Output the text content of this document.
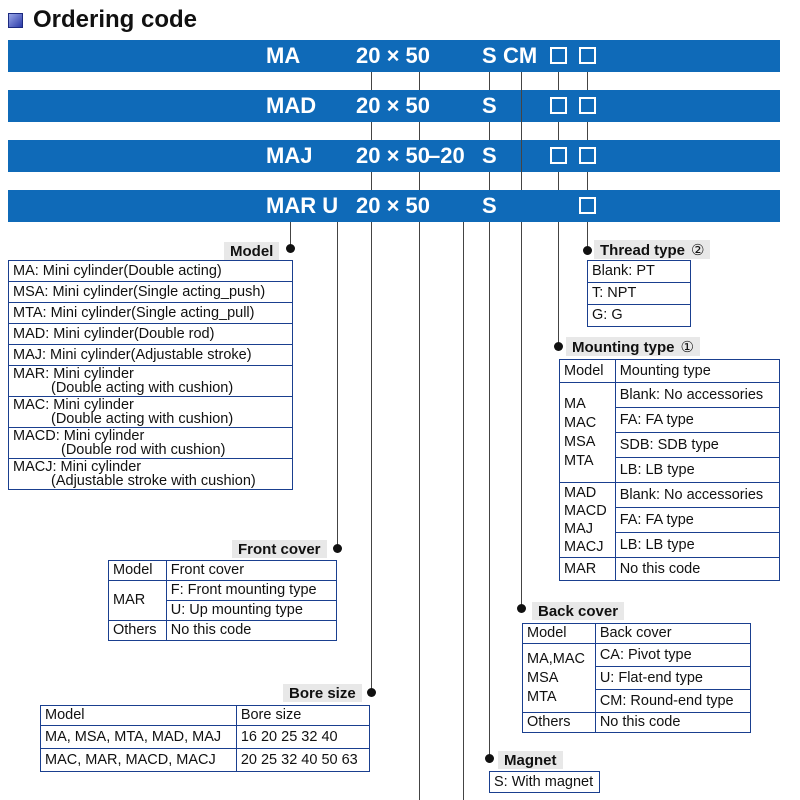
Ordering code
MA	20 × 50 S CM
MAD 20 × 50 S
MAJ 20 × 50
–20 S
MAR U 20 × 50 S
Model
MA: Mini cylinder(Double acting)
MSA: Mini cylinder(Single acting_push)
MTA: Mini cylinder(Single acting_pull)
MAD: Mini cylinder(Double rod)
MAJ: Mini cylinder(Adjustable stroke)

MAR: Mini cylinder
(Double acting with cushion)

MAC: Mini cylinder
(Double acting with cushion)

MACD: Mini cylinder
(Double rod with cushion)

MACJ: Mini cylinder
(Adjustable stroke with cushion)
Front cover
Model	Front cover
MAR	F: Front mounting type
	U: Up mounting type
Others	No this code
Bore size
Model	Bore size
MA, MSA, MTA, MAD, MAJ	16 20 25 32 40
MAC, MAR, MACD, MACJ	20 25 32 40 50 63
Thread type ②
Blank: PT
T: NPT
G: G
Mounting type ①
Model	Mounting type

MA
MAC
MSA
MTA	Blank: No accessories
	FA: FA type
	SDB: SDB type
	LB: LB type

MAD
MACD
MAJ
MACJ	Blank: No accessories
	FA: FA type
	LB: LB type
MAR	No this code
Back cover
Model	Back cover

MA,MAC
MSA
MTA	CA: Pivot type
	U: Flat-end type
	CM: Round-end type
Others	No this code
Magnet
S: With magnet
